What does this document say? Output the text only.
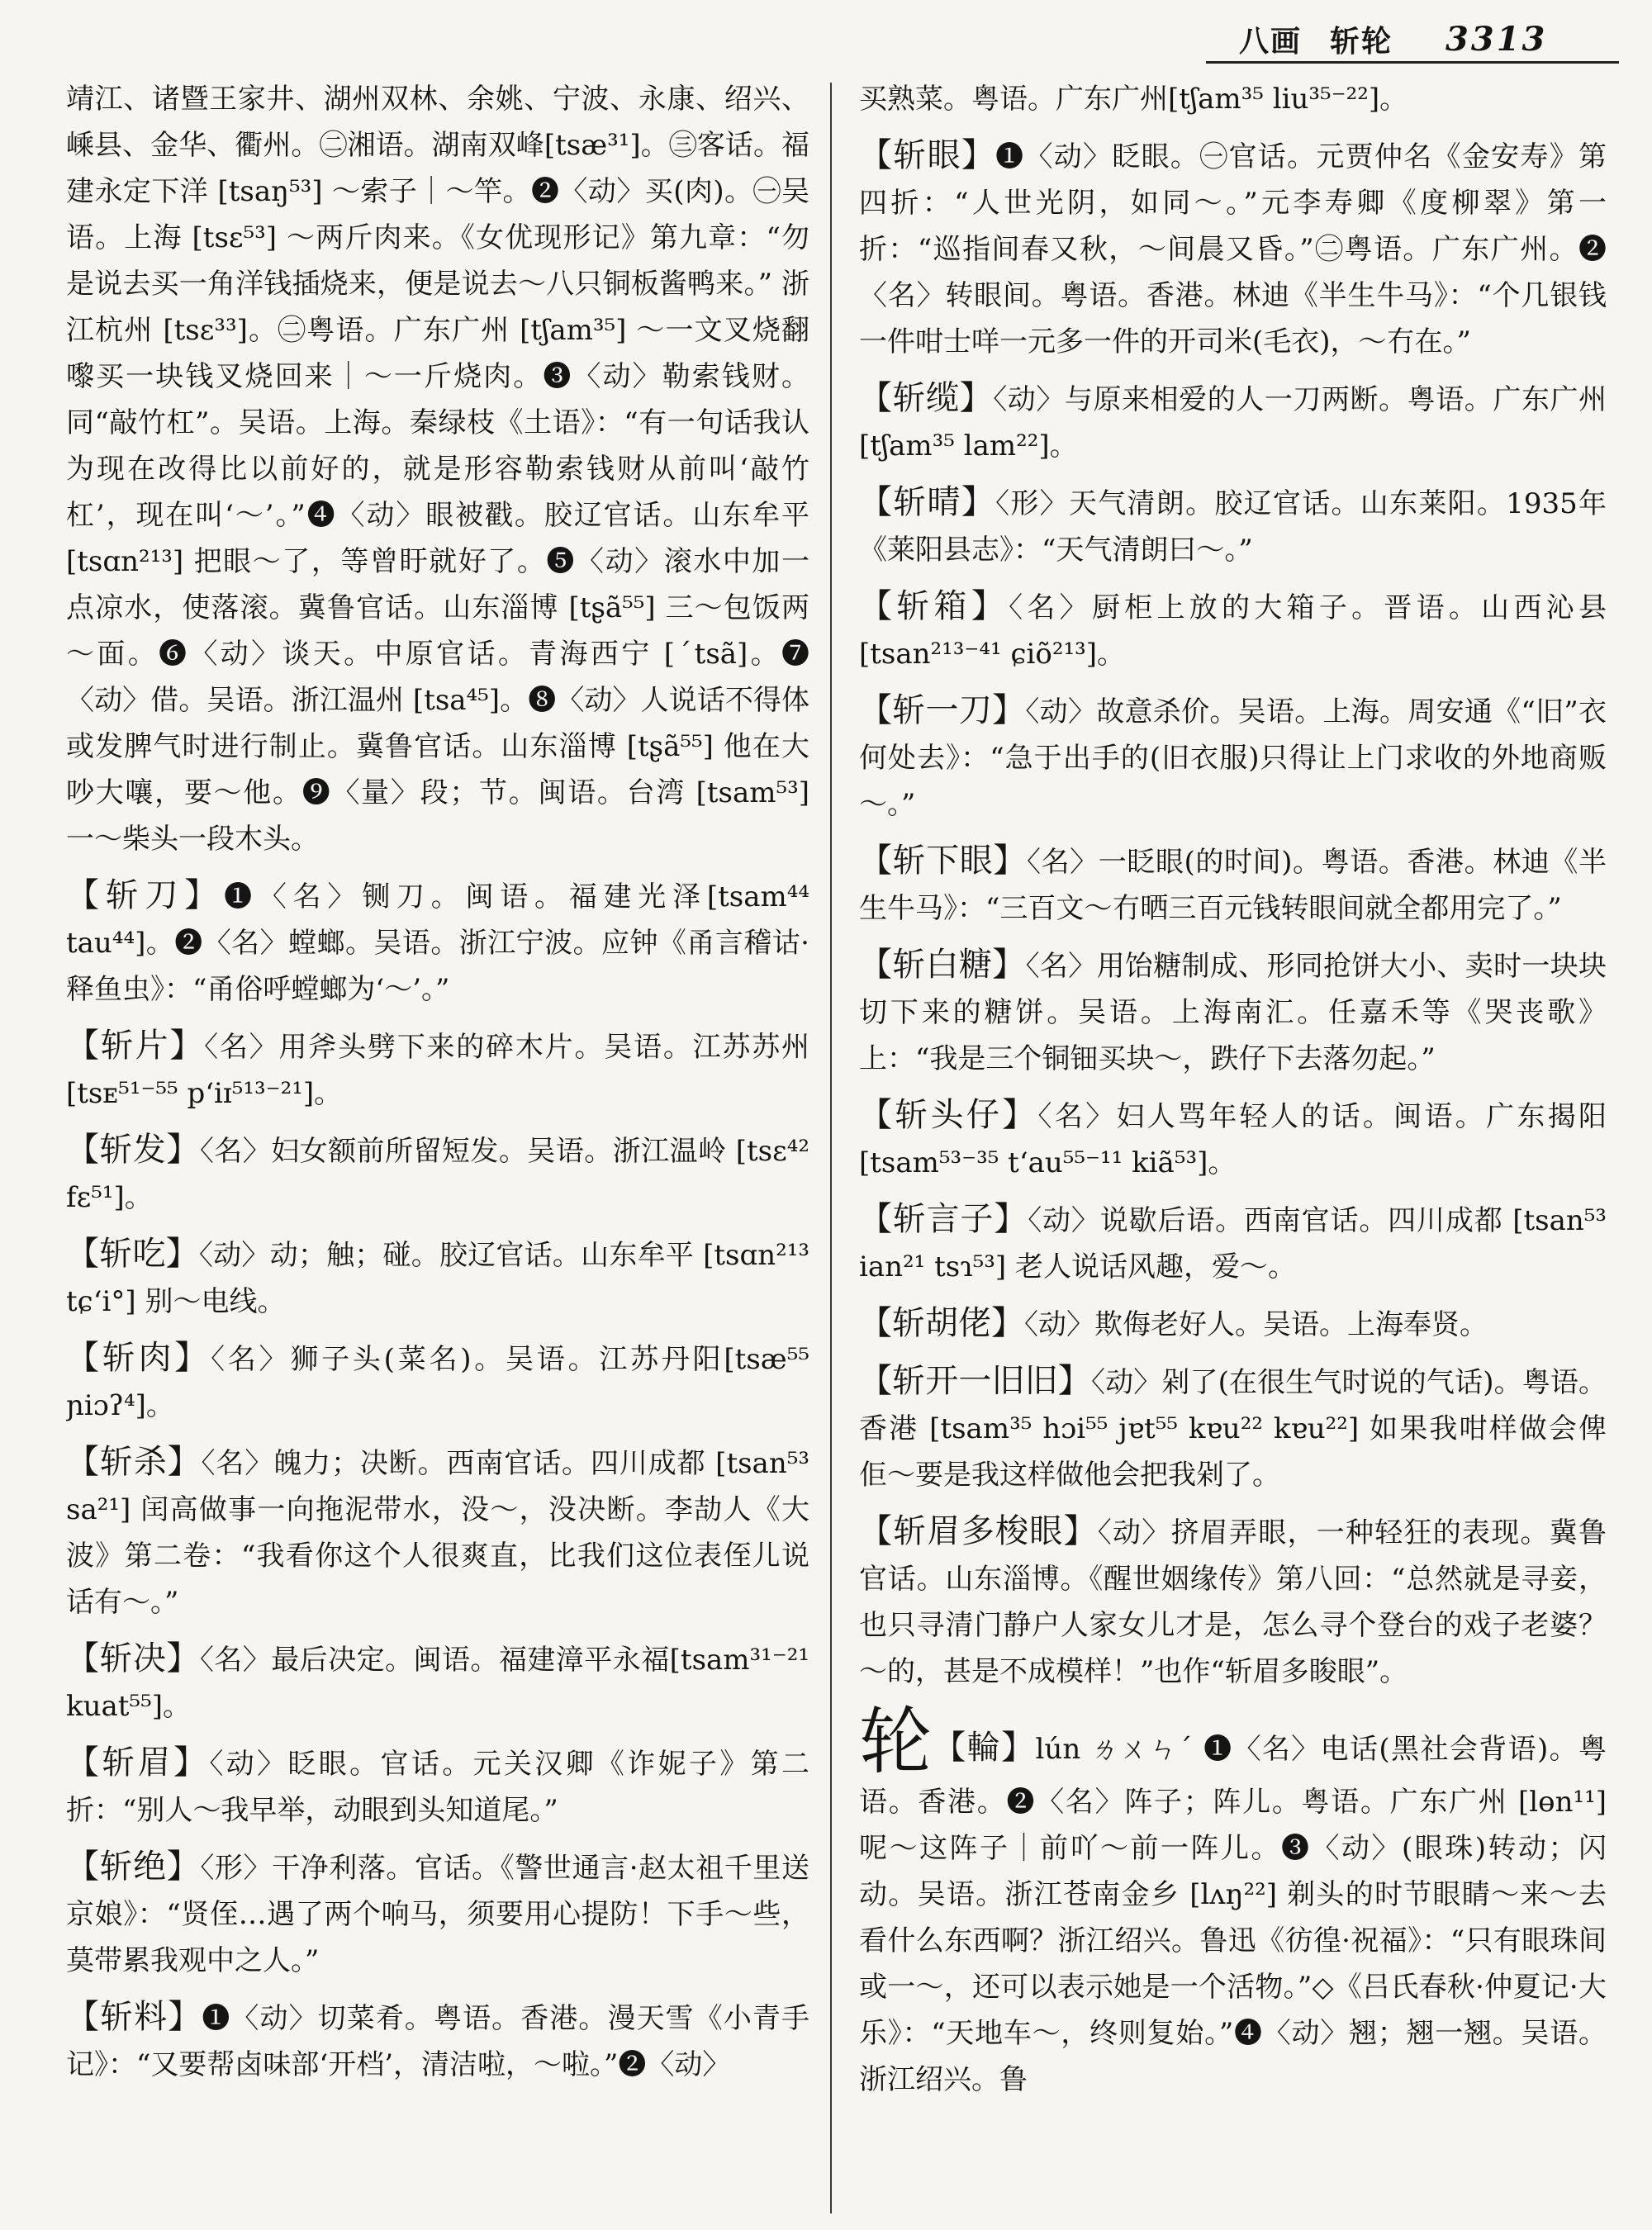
八画 斩轮 3313

靖江、诸暨王家井、湖州双林、余姚、宁波、永康、绍兴、嵊县、金华、衢州。㊁湘语。湖南双峰[tsæ³¹]。㊂客话。福建永定下洋 [tsaŋ⁵³] ～索子｜～竿。❷〈动〉买(肉)。㊀吴语。上海 [tsɛ⁵³] ～两斤肉来。《女优现形记》第九章：“勿是说去买一角洋钱插烧来，便是说去～八只铜板酱鸭来。” 浙江杭州 [tsɛ³³]。㊁粤语。广东广州 [tʃam³⁵] ～一文叉烧翻嚟买一块钱叉烧回来｜～一斤烧肉。❸〈动〉勒索钱财。同“敲竹杠”。吴语。上海。秦绿枝《土语》：“有一句话我认为现在改得比以前好的，就是形容勒索钱财从前叫‘敲竹杠’，现在叫‘～’。”❹〈动〉眼被戳。胶辽官话。山东牟平 [tsɑn²¹³] 把眼～了，等曾盱就好了。❺〈动〉滚水中加一点凉水，使落滚。冀鲁官话。山东淄博 [tʂã⁵⁵] 三～包饭两～面。❻〈动〉谈天。中原官话。青海西宁 [ˊtsã]。❼〈动〉借。吴语。浙江温州 [tsa⁴⁵]。❽〈动〉人说话不得体或发脾气时进行制止。冀鲁官话。山东淄博 [tʂã⁵⁵] 他在大吵大嚷，要～他。❾〈量〉段；节。闽语。台湾 [tsam⁵³] 一～柴头一段木头。

【斩刀】❶〈名〉铡刀。闽语。福建光泽[tsam⁴⁴ tau⁴⁴]。❷〈名〉螳螂。吴语。浙江宁波。应钟《甬言稽诂·释鱼虫》：“甬俗呼螳螂为‘～’。”

【斩片】〈名〉用斧头劈下来的碎木片。吴语。江苏苏州 [tsᴇ⁵¹⁻⁵⁵ pʻiɪ⁵¹³⁻²¹]。

【斩发】〈名〉妇女额前所留短发。吴语。浙江温岭 [tsɛ⁴² fɛ⁵¹]。

【斩吃】〈动〉动；触；碰。胶辽官话。山东牟平 [tsɑn²¹³ tɕʻi°] 别～电线。

【斩肉】〈名〉狮子头(菜名)。吴语。江苏丹阳[tsæ⁵⁵ ɲiɔʔ⁴]。

【斩杀】〈名〉魄力；决断。西南官话。四川成都 [tsan⁵³ sa²¹] 闰高做事一向拖泥带水，没～，没决断。李劼人《大波》第二卷：“我看你这个人很爽直，比我们这位表侄儿说话有～。”

【斩决】〈名〉最后决定。闽语。福建漳平永福[tsam³¹⁻²¹ kuat⁵⁵]。

【斩眉】〈动〉眨眼。官话。元关汉卿《诈妮子》第二折：“别人～我早举，动眼到头知道尾。”

【斩绝】〈形〉干净利落。官话。《警世通言·赵太祖千里送京娘》：“贤侄…遇了两个响马，须要用心提防！下手～些，莫带累我观中之人。”

【斩料】❶〈动〉切菜肴。粤语。香港。漫天雪《小青手记》：“又要帮卤味部‘开档’，清洁啦，～啦。”❷〈动〉

买熟菜。粤语。广东广州[tʃam³⁵ liu³⁵⁻²²]。

【斩眼】❶〈动〉眨眼。㊀官话。元贾仲名《金安寿》第四折：“人世光阴，如同～。”元李寿卿《度柳翠》第一折：“巡指间春又秋，～间晨又昏。”㊁粤语。广东广州。❷〈名〉转眼间。粤语。香港。林迪《半生牛马》：“个几银钱一件咁士咩一元多一件的开司米(毛衣)，～冇在。”

【斩缆】〈动〉与原来相爱的人一刀两断。粤语。广东广州 [tʃam³⁵ lam²²]。

【斩晴】〈形〉天气清朗。胶辽官话。山东莱阳。1935年《莱阳县志》：“天气清朗曰～。”

【斩箱】〈名〉厨柜上放的大箱子。晋语。山西沁县 [tsan²¹³⁻⁴¹ ɕiõ²¹³]。

【斩一刀】〈动〉故意杀价。吴语。上海。周安通《“旧”衣何处去》：“急于出手的(旧衣服)只得让上门求收的外地商贩～。”

【斩下眼】〈名〉一眨眼(的时间)。粤语。香港。林迪《半生牛马》：“三百文～冇晒三百元钱转眼间就全都用完了。”

【斩白糖】〈名〉用饴糖制成、形同抢饼大小、卖时一块块切下来的糖饼。吴语。上海南汇。任嘉禾等《哭丧歌》上：“我是三个铜钿买块～，跌仔下去落勿起。”

【斩头仔】〈名〉妇人骂年轻人的话。闽语。广东揭阳 [tsam⁵³⁻³⁵ tʻau⁵⁵⁻¹¹ kiã⁵³]。

【斩言子】〈动〉说歇后语。西南官话。四川成都 [tsan⁵³ ian²¹ tsɿ⁵³] 老人说话风趣，爱～。

【斩胡佬】〈动〉欺侮老好人。吴语。上海奉贤。

【斩开一旧旧】〈动〉剁了(在很生气时说的气话)。粤语。香港 [tsam³⁵ hɔi⁵⁵ jɐt⁵⁵ kɐu²² kɐu²²] 如果我咁样做会俾佢～要是我这样做他会把我剁了。

【斩眉多梭眼】〈动〉挤眉弄眼，一种轻狂的表现。冀鲁官话。山东淄博。《醒世姻缘传》第八回：“总然就是寻妾，也只寻清门静户人家女儿才是，怎么寻个登台的戏子老婆？～的，甚是不成模样！”也作“斩眉多睃眼”。

轮【輪】lún ㄌㄨㄣˊ ❶〈名〉电话(黑社会背语)。粤语。香港。❷〈名〉阵子；阵儿。粤语。广东广州 [lɵn¹¹] 呢～这阵子｜前吖～前一阵儿。❸〈动〉(眼珠)转动；闪动。吴语。浙江苍南金乡 [lʌŋ²²] 剃头的时节眼睛～来～去看什么东西啊？浙江绍兴。鲁迅《彷徨·祝福》：“只有眼珠间或一～，还可以表示她是一个活物。”◇《吕氏春秋·仲夏记·大乐》：“天地车～，终则复始。”❹〈动〉翘；翘一翘。吴语。浙江绍兴。鲁
